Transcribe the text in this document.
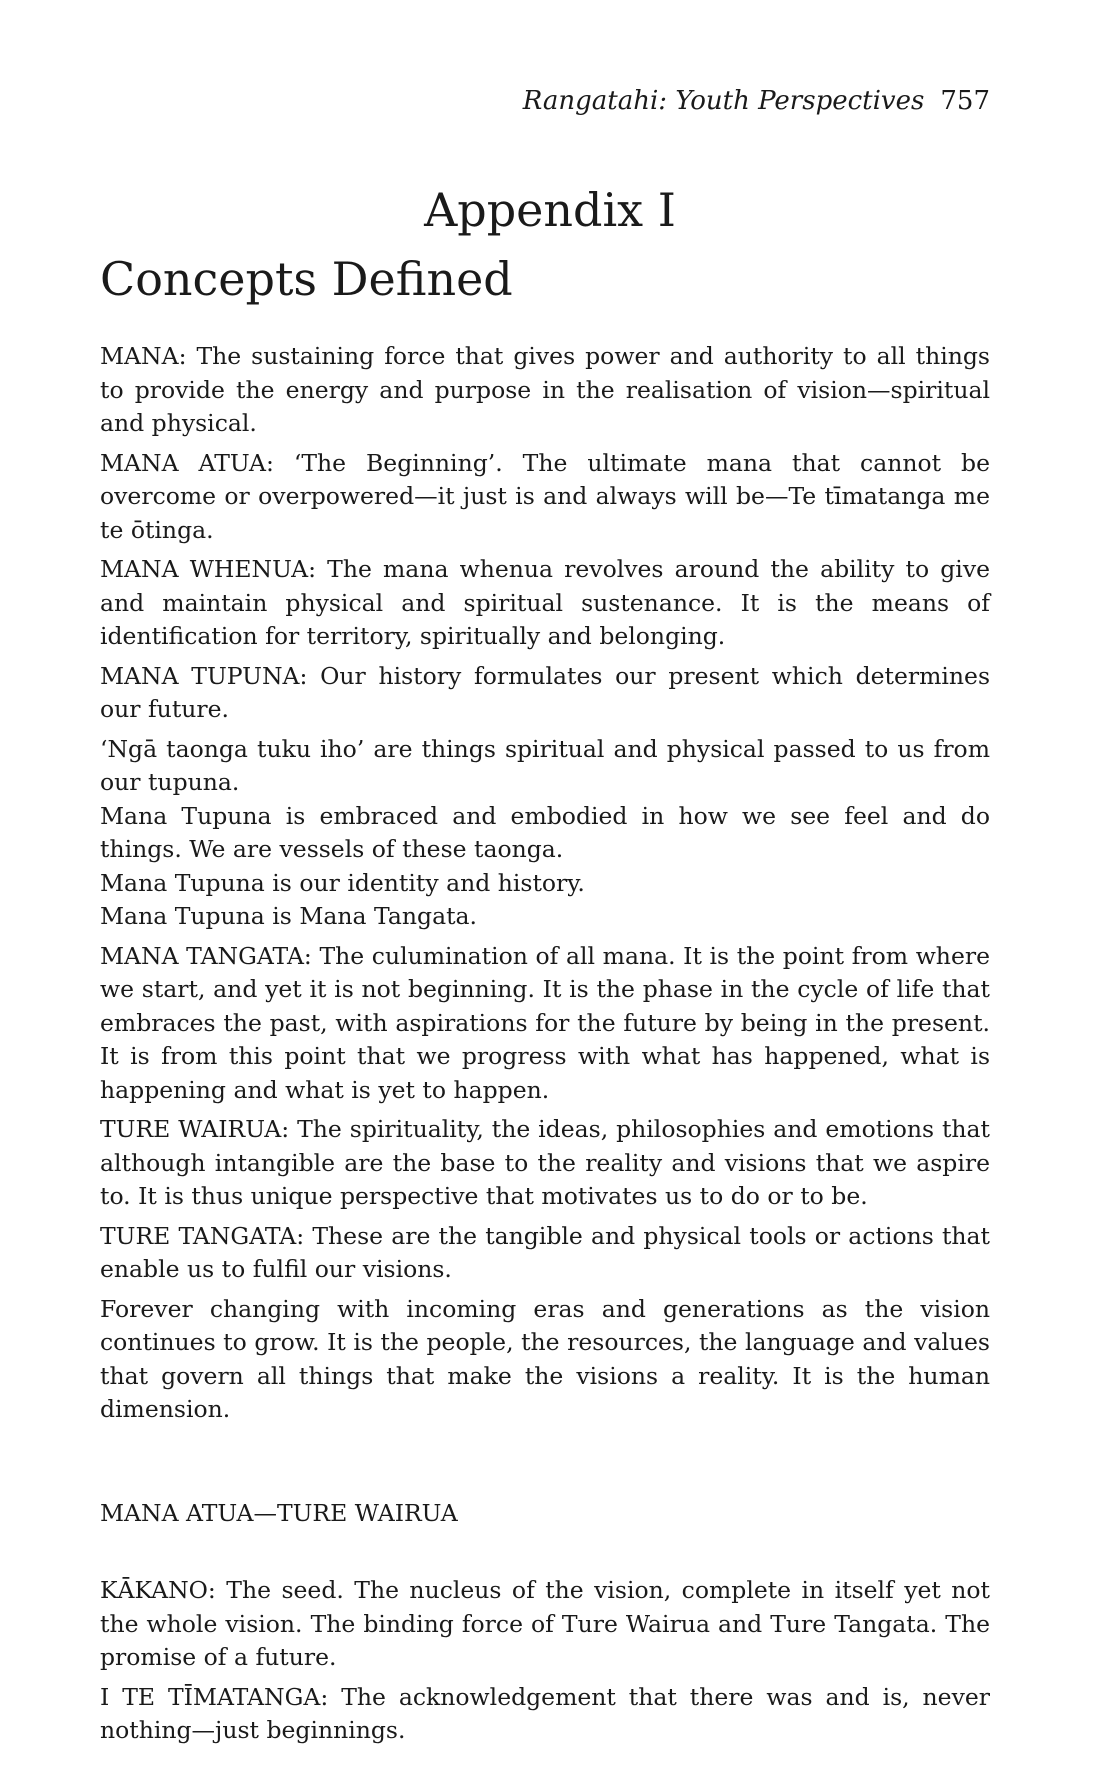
Rangatahi: Youth Perspectives 757
Appendix I
Concepts Defined

MANA: The sustaining force that gives power and authority to all things to provide the energy and purpose in the realisation of vision—spiritual and physical.

MANA ATUA: ‘The Beginning’. The ultimate mana that cannot be overcome or overpowered—it just is and always will be—Te tīmatanga me te ōtinga.

MANA WHENUA: The mana whenua revolves around the ability to give and maintain physical and spiritual sustenance. It is the means of identification for territory, spiritually and belonging.

MANA TUPUNA: Our history formulates our present which determines our future.

‘Ngā taonga tuku iho’ are things spiritual and physical passed to us from our tupuna.

Mana Tupuna is embraced and embodied in how we see feel and do things. We are vessels of these taonga.

Mana Tupuna is our identity and history.

Mana Tupuna is Mana Tangata.

MANA TANGATA: The culumination of all mana. It is the point from where we start, and yet it is not beginning. It is the phase in the cycle of life that embraces the past, with aspirations for the future by being in the present. It is from this point that we progress with what has happened, what is happening and what is yet to happen.

TURE WAIRUA: The spirituality, the ideas, philosophies and emotions that although intangible are the base to the reality and visions that we aspire to. It is thus unique perspective that motivates us to do or to be.

TURE TANGATA: These are the tangible and physical tools or actions that enable us to fulfil our visions.

Forever changing with incoming eras and generations as the vision continues to grow. It is the people, the resources, the language and values that govern all things that make the visions a reality. It is the human dimension.

MANA ATUA—TURE WAIRUA

KĀKANO: The seed. The nucleus of the vision, complete in itself yet not the whole vision. The binding force of Ture Wairua and Ture Tangata. The promise of a future.

I TE TĪMATANGA: The acknowledgement that there was and is, never nothing—just beginnings.
